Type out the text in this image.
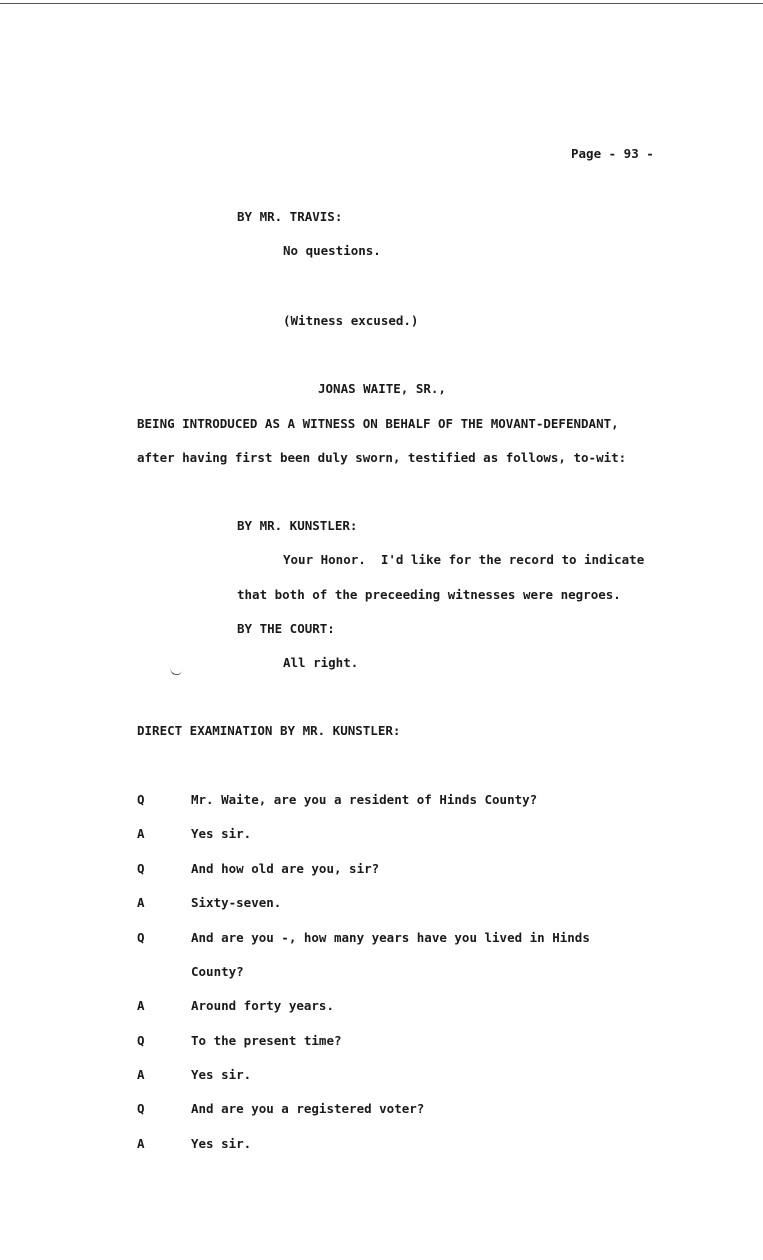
Page - 93 -
BY MR. TRAVIS:
No questions.
(Witness excused.)
JONAS WAITE, SR.,
BEING INTRODUCED AS A WITNESS ON BEHALF OF THE MOVANT-DEFENDANT,
after having first been duly sworn, testified as follows, to-wit:
BY MR. KUNSTLER:
Your Honor.  I'd like for the record to indicate
that both of the preceeding witnesses were negroes.
BY THE COURT:
All right.
DIRECT EXAMINATION BY MR. KUNSTLER:
Q	Mr. Waite, are you a resident of Hinds County?
A	Yes sir.
Q	And how old are you, sir?
A	Sixty-seven.
Q	And are you -, how many years have you lived in Hinds
County?
A	Around forty years.
Q	To the present time?
A	Yes sir.
Q	And are you a registered voter?
A	Yes sir.
